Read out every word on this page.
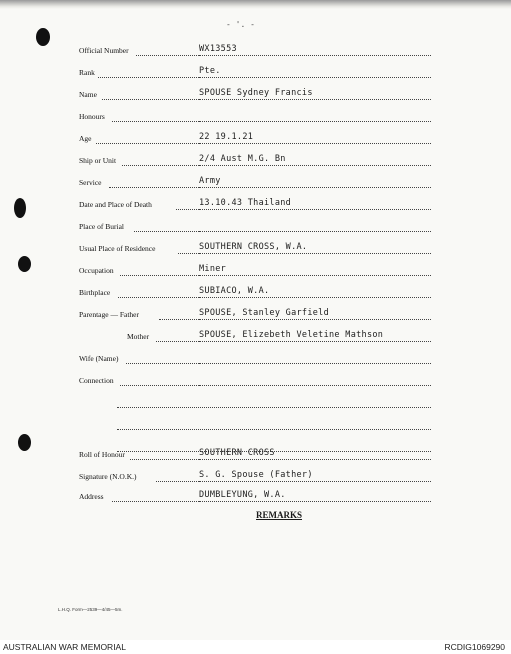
- '. -
Official Number	WX13553
Rank	Pte.
Name	SPOUSE Sydney Francis
Honours
Age	22 19.1.21
Ship or Unit	2/4 Aust M.G. Bn
Service	Army
Date and Place of Death	13.10.43 Thailand
Place of Burial
Usual Place of Residence	SOUTHERN CROSS, W.A.
Occupation	Miner
Birthplace	SUBIACO, W.A.
Parentage — Father	SPOUSE, Stanley Garfield
Mother	SPOUSE, Elizebeth Veletine Mathson
Wife (Name)
Connection
Roll of Honour	SOUTHERN CROSS
Signature (N.O.K.)	S. G. Spouse (Father)
Address	DUMBLEYUNG, W.A.
REMARKS
L.H.Q. Form—2539—4/45—5m.
AUSTRALIAN WAR MEMORIAL	RCDIG1069290
